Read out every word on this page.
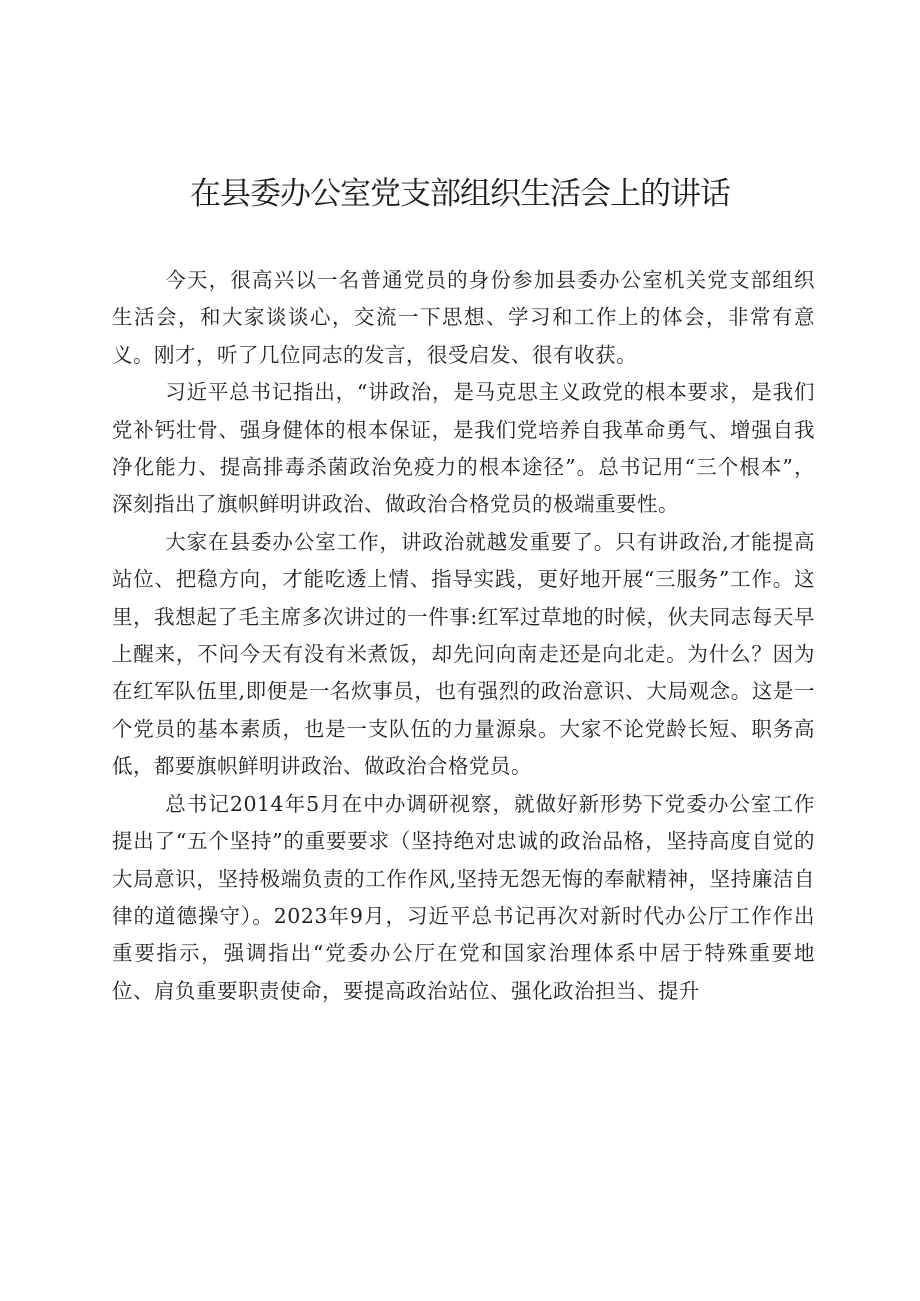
在县委办公室党支部组织生活会上的讲话

今天，很高兴以一名普通党员的身份参加县委办公室机关党支部组织生活会，和大家谈谈心，交流一下思想、学习和工作上的体会，非常有意义。刚才，听了几位同志的发言，很受启发、很有收获。

习近平总书记指出，“讲政治，是马克思主义政党的根本要求，是我们党补钙壮骨、强身健体的根本保证，是我们党培养自我革命勇气、增强自我净化能力、提高排毒杀菌政治免疫力的根本途径”。总书记用“三个根本”，深刻指出了旗帜鲜明讲政治、做政治合格党员的极端重要性。

大家在县委办公室工作，讲政治就越发重要了。只有讲政治,才能提高站位、把稳方向，才能吃透上情、指导实践，更好地开展“三服务”工作。这里，我想起了毛主席多次讲过的一件事:红军过草地的时候，伙夫同志每天早上醒来，不问今天有没有米煮饭，却先问向南走还是向北走。为什么？因为在红军队伍里,即便是一名炊事员，也有强烈的政治意识、大局观念。这是一个党员的基本素质，也是一支队伍的力量源泉。大家不论党龄长短、职务高低，都要旗帜鲜明讲政治、做政治合格党员。

总书记2014年5月在中办调研视察，就做好新形势下党委办公室工作提出了“五个坚持”的重要要求（坚持绝对忠诚的政治品格，坚持高度自觉的大局意识，坚持极端负责的工作作风,坚持无怨无悔的奉献精神，坚持廉洁自律的道德操守）。2023年9月，习近平总书记再次对新时代办公厅工作作出重要指示，强调指出“党委办公厅在党和国家治理体系中居于特殊重要地位、肩负重要职责使命，要提高政治站位、强化政治担当、提升
